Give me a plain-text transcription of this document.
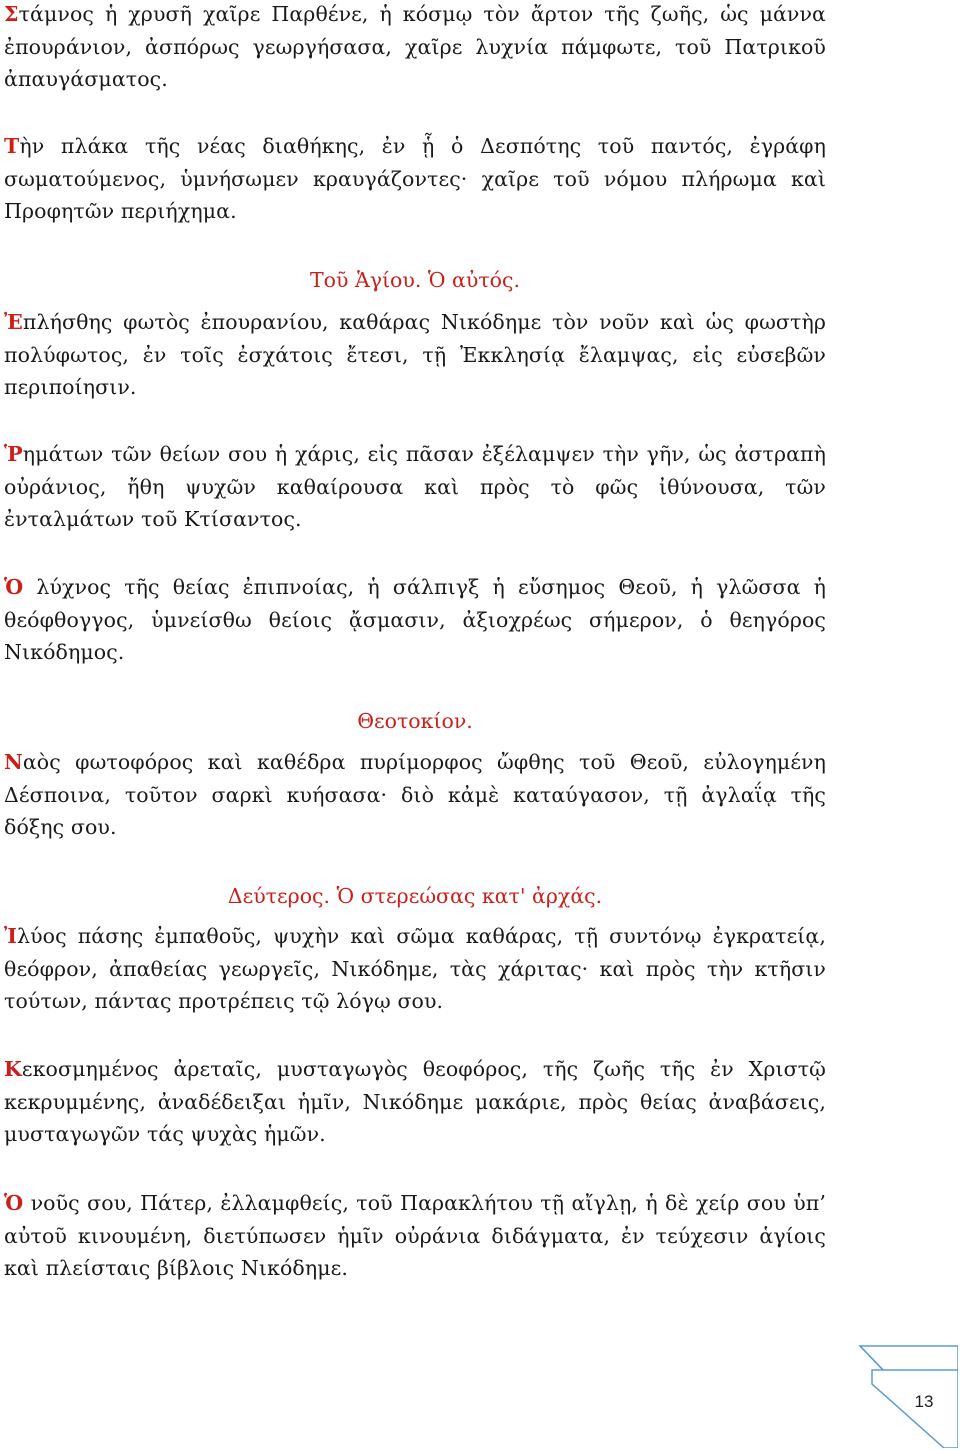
Στάμνος ἡ χρυσῆ χαῖρε Παρθένε, ἡ κόσμῳ τὸν ἄρτον τῆς ζωῆς, ὡς μάννα ἐπουράνιον, ἀσπόρως γεωργήσασα, χαῖρε λυχνία πάμφωτε, τοῦ Πατρικοῦ ἀπαυγάσματος.
Τὴν πλάκα τῆς νέας διαθήκης, ἐν ᾗ ὁ Δεσπότης τοῦ παντός, ἐγράφη σωματούμενος, ὑμνήσωμεν κραυγάζοντες· χαῖρε τοῦ νόμου πλήρωμα καὶ Προφητῶν περιήχημα.
Τοῦ Ἁγίου. Ὁ αὐτός.
Ἐπλήσθης φωτὸς ἐπουρανίου, καθάρας Νικόδημε τὸν νοῦν καὶ ὡς φωστὴρ πολύφωτος, ἐν τοῖς ἐσχάτοις ἔτεσι, τῇ Ἐκκλησίᾳ ἔλαμψας, εἰς εὐσεβῶν περιποίησιν.
Ῥημάτων τῶν θείων σου ἡ χάρις, εἰς πᾶσαν ἐξέλαμψεν τὴν γῆν, ὡς ἀστραπὴ οὐράνιος, ἤθη ψυχῶν καθαίρουσα καὶ πρὸς τὸ φῶς ἰθύνουσα, τῶν ἐνταλμάτων τοῦ Κτίσαντος.
Ὁ λύχνος τῆς θείας ἐπιπνοίας, ἡ σάλπιγξ ἡ εὔσημος Θεοῦ, ἡ γλῶσσα ἡ θεόφθογγος, ὑμνείσθω θείοις ᾄσμασιν, ἀξιοχρέως σήμερον, ὁ θεηγόρος Νικόδημος.
Θεοτοκίον.
Ναὸς φωτοφόρος καὶ καθέδρα πυρίμορφος ὤφθης τοῦ Θεοῦ, εὐλογημένη Δέσποινα, τοῦτον σαρκὶ κυήσασα· διὸ κἀμὲ καταύγασον, τῇ ἀγλαΐᾳ τῆς δόξης σου.
Δεύτερος. Ὁ στερεώσας κατ' ἀρχάς.
Ἰλύος πάσης ἐμπαθοῦς, ψυχὴν καὶ σῶμα καθάρας, τῇ συντόνῳ ἐγκρατείᾳ, θεόφρον, ἀπαθείας γεωργεῖς, Νικόδημε, τὰς χάριτας· καὶ πρὸς τὴν κτῆσιν τούτων, πάντας προτρέπεις τῷ λόγῳ σου.
Κεκοσμημένος ἀρεταῖς, μυσταγωγὸς θεοφόρος, τῆς ζωῆς τῆς ἐν Χριστῷ κεκρυμμένης, ἀναδέδειξαι ἡμῖν, Νικόδημε μακάριε, πρὸς θείας ἀναβάσεις, μυσταγωγῶν τάς ψυχὰς ἡμῶν.
Ὁ νοῦς σου, Πάτερ, ἐλλαμφθείς, τοῦ Παρακλήτου τῇ αἴγλῃ, ἡ δὲ χείρ σου ὑπ’ αὐτοῦ κινουμένη, διετύπωσεν ἡμῖν οὐράνια διδάγματα, ἐν τεύχεσιν ἁγίοις καὶ πλείσταις βίβλοις Νικόδημε.
13
